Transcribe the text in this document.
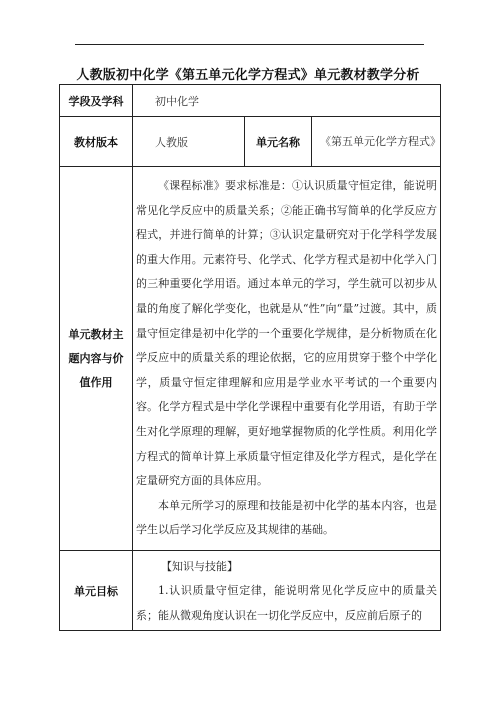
人教版初中化学《第五单元化学方程式》单元教材教学分析
学段及学科	初中化学		
教材版本	人教版	单元名称	《第五单元化学方程式》
单元教材主题内容与价值作用	《课程标准》要求标准是：①认识质量守恒定律，能说明常见化学反应中的质量关系；②能正确书写简单的化学反应方程式，并进行简单的计算；③认识定量研究对于化学科学发展的重大作用。元素符号、化学式、化学方程式是初中化学入门的三种重要化学用语。通过本单元的学习，学生就可以初步从量的角度了解化学变化，也就是从“性”向“量”过渡。其中，质量守恒定律是初中化学的一个重要化学规律，是分析物质在化学反应中的质量关系的理论依据，它的应用贯穿于整个中学化学，质量守恒定律理解和应用是学业水平考试的一个重要内容。化学方程式是中学化学课程中重要有化学用语，有助于学生对化学原理的理解，更好地掌握物质的化学性质。利用化学方程式的简单计算上承质量守恒定律及化学方程式，是化学在定量研究方面的具体应用。

本单元所学习的原理和技能是初中化学的基本内容，也是学生以后学习化学反应及其规律的基础。		

单元目标	【知识与技能】

1.认识质量守恒定律，能说明常见化学反应中的质量关系；能从微观角度认识在一切化学反应中，反应前后原子的		
